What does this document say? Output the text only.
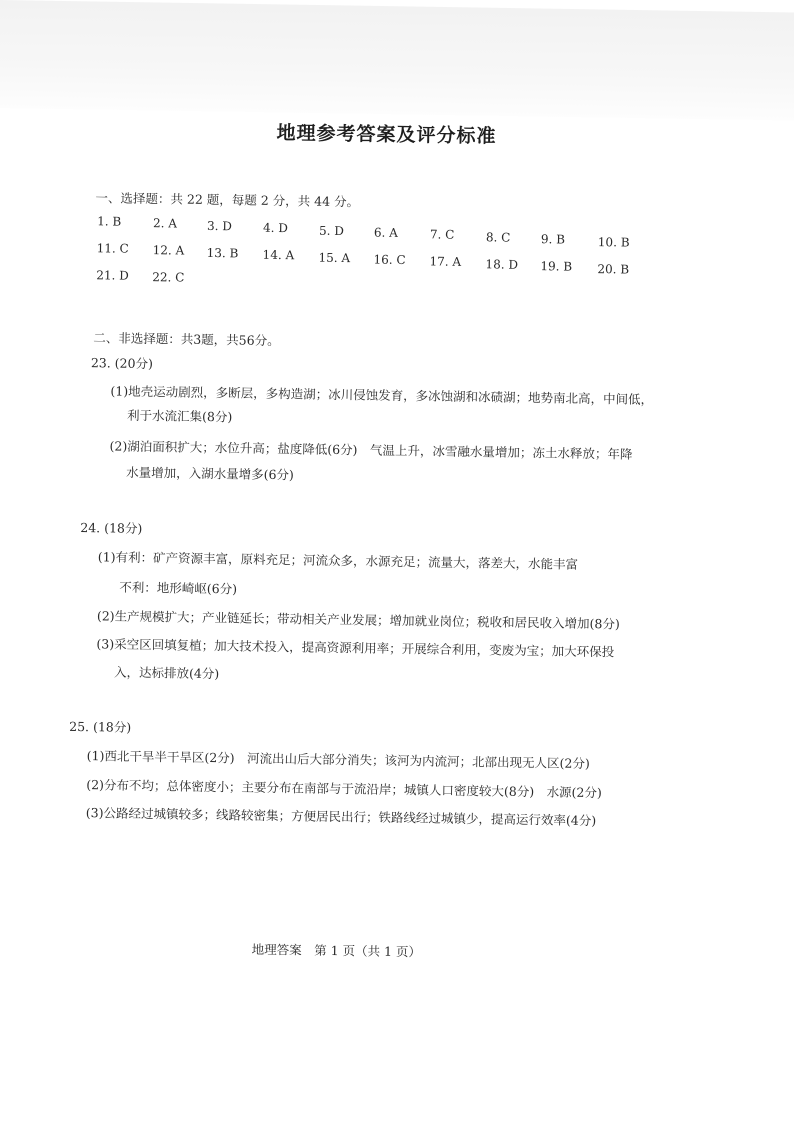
地理参考答案及评分标准
一、选择题：共 22 题，每题 2 分，共 44 分。
1. B	2. A 3. D	4. D	5. D 6. A	7. C	8. C	9. B	10. B
11. C 12. A 13. B 14. A 15. A 16. C 17. A 18. D 19. B 20. B
21. D 22. C
二、非选择题：共3题，共56分。
23. (20分)
(1)地壳运动剧烈，多断层，多构造湖；冰川侵蚀发育，多冰蚀湖和冰碛湖；地势南北高，中间低，
利于水流汇集(8分)
(2)湖泊面积扩大；水位升高；盐度降低(6分)　气温上升，冰雪融水量增加；冻土水释放；年降
水量增加，入湖水量增多(6分)
24. (18分)
(1)有利：矿产资源丰富，原料充足；河流众多，水源充足；流量大，落差大，水能丰富
不利：地形崎岖(6分)
(2)生产规模扩大；产业链延长；带动相关产业发展；增加就业岗位；税收和居民收入增加(8分)
(3)采空区回填复植；加大技术投入，提高资源利用率；开展综合利用，变废为宝；加大环保投
入，达标排放(4分)
25. (18分)
(1)西北干旱半干旱区(2分)　河流出山后大部分消失；该河为内流河；北部出现无人区(2分)
(2)分布不均；总体密度小；主要分布在南部与于流沿岸；城镇人口密度较大(8分)　水源(2分)
(3)公路经过城镇较多；线路较密集；方便居民出行；铁路线经过城镇少，提高运行效率(4分)
地理答案　第 1 页（共 1 页）
